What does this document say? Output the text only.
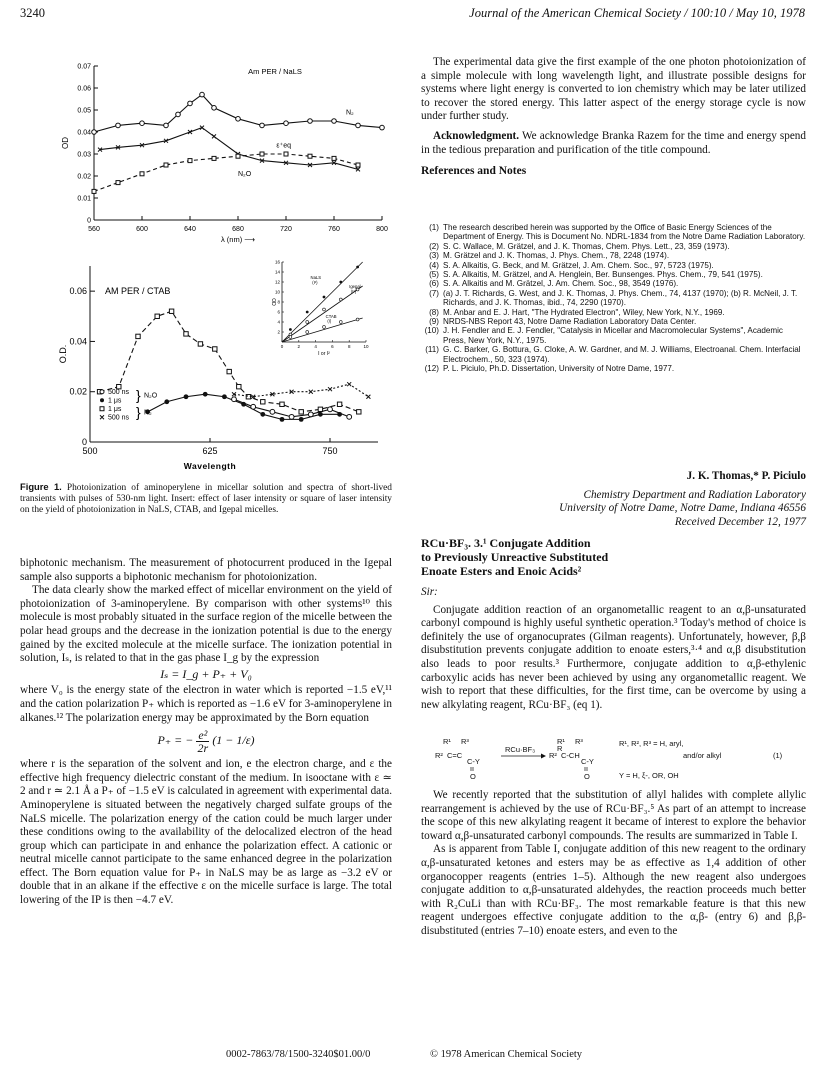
3240	Journal of the American Chemical Society / 100:10 / May 10, 1978
560	600	640	680	720	760	800
0
0.01
0.02
0.03
0.04
0.05
0.06
0.07	Am PER / NaLS
λ (nm) ⟶
OD
N₂
N₂O
ε⁺eq
500	625	750
0
0.02
0.04
0.06 AM PER / CTAB
Wavelength
O.D.
500 ns
1 μs
1 μs
500 ns
} N₂O
} N₂
0	2	4	6	8	10
2
4
6
8
10
12
14
16
I or I²
OD
NaLS
(I²)
Igepal
(I²)
CTAB
(I)
Figure 1. Photoionization of aminoperylene in micellar solution and spectra of short-lived transients with pulses of 530-nm light. Insert: effect of laser intensity or square of laser intensity on the yield of photoionization in NaLS, CTAB, and Igepal micelles.

biphotonic mechanism. The measurement of photocurrent produced in the Igepal sample also supports a biphotonic mechanism for photoionization.

The data clearly show the marked effect of micellar environment on the yield of photoionization of 3-aminoperylene. By comparison with other systems¹⁰ this molecule is most probably situated in the surface region of the micelle between the polar head groups and the decrease in the ionization potential is due to the energy gained by the excited molecule at the micelle surface. The ionization potential in solution, Iₛ, is related to that in the gas phase I_g by the expression

Iₛ = I_g + P₊ + V₀

where V₀ is the energy state of the electron in water which is reported −1.5 eV,¹¹ and the cation polarization P₊ which is reported as −1.6 eV for 3-aminoperylene in alkanes.¹² The polarization energy may be approximated by the Born equation

P₊ = − $\frac{\text{e²}}{2r} (1 - 1/\varepsilon)$

where r is the separation of the solvent and ion, e the electron charge, and ε the effective high frequency dielectric constant of the medium. In isooctane with ε ≃ 2 and r ≃ 2.1 Å a P₊ of −1.5 eV is calculated in agreement with experimental data. Aminoperylene is situated between the negatively charged sulfate groups of the NaLS micelle. The polarization energy of the cation could be much larger under these conditions owing to the availability of the delocalized electron of the head group which can participate in and enhance the polarization effect. A cationic or neutral micelle cannot participate to the same enhanced degree in the polarization effect. The Born equation value for P₊ in NaLS may be as large as −3.2 eV or double that in an alkane if the effective ε on the micelle surface is large. The total lowering of the IP is then −4.7 eV.

The experimental data give the first example of the one photon photoionization of a simple molecule with long wavelength light, and illustrate possible designs for systems where light energy is converted to ion chemistry which may be later utilized to recover the stored energy. This latter aspect of the energy storage cycle is now under further study.

Acknowledgment. We acknowledge Branka Razem for the time and energy spend in the tedious preparation and purification of the title compound.

References and Notes
(1) The research described herein was supported by the Office of Basic Energy Sciences of the Department of Energy. This is Document No. NDRL-1834 from the Notre Dame Radiation Laboratory.
(2) S. C. Wallace, M. Grätzel, and J. K. Thomas, Chem. Phys. Lett., 23, 359 (1973).
(3) M. Grätzel and J. K. Thomas, J. Phys. Chem., 78, 2248 (1974).
(4) S. A. Alkaitis, G. Beck, and M. Grätzel, J. Am. Chem. Soc., 97, 5723 (1975).
(5) S. A. Alkaitis, M. Grätzel, and A. Henglein, Ber. Bunsenges. Phys. Chem., 79, 541 (1975).
(6) S. A. Alkaitis and M. Grätzel, J. Am. Chem. Soc., 98, 3549 (1976).
(7) (a) J. T. Richards, G. West, and J. K. Thomas, J. Phys. Chem., 74, 4137 (1970); (b) R. McNeil, J. T. Richards, and J. K. Thomas, ibid., 74, 2290 (1970).
(8) M. Anbar and E. J. Hart, "The Hydrated Electron", Wiley, New York, N.Y., 1969.
(9) NRDS-NBS Report 43, Notre Dame Radiation Laboratory Data Center.
(10) J. H. Fendler and E. J. Fendler, "Catalysis in Micellar and Macromolecular Systems", Academic Press, New York, N.Y., 1975.
(11) G. C. Barker, G. Bottura, G. Cloke, A. W. Gardner, and M. J. Williams, Electroanal. Chem. Interfacial Electrochem., 50, 323 (1974).
(12) P. L. Piciulo, Ph.D. Dissertation, University of Notre Dame, 1977.
J. K. Thomas,* P. Piciulo
Chemistry Department and Radiation Laboratory
University of Notre Dame, Notre Dame, Indiana 46556
Received December 12, 1977
RCu·BF₃. 3.¹ Conjugate Addition
to Previously Unreactive Substituted
Enoate Esters and Enoic Acids²
Sir:

Conjugate addition reaction of an organometallic reagent to an α,β-unsaturated carbonyl compound is highly useful synthetic operation.³ Today's method of choice is definitely the use of organocuprates (Gilman reagents). Unfortunately, however, β,β disubstitution prevents conjugate addition to enoate esters,³·⁴ and α,β disubstitution also leads to poor results.³ Furthermore, conjugate addition to α,β-ethylenic carboxylic acids has never been achieved by using any organometallic reagent. We wish to report that these difficulties, for the first time, can be overcome by using a new alkylating reagent, RCu·BF₃ (eq 1).

R¹ R³
R² C=C
C-Y
O
RCu·BF₃
R¹ R³
R² C-CH
R
C-Y
O
R¹, R², R³ = H, aryl,
and/or alkyl
Y = H, ξ-, OR, OH
(1)

We recently reported that the substitution of allyl halides with complete allylic rearrangement is achieved by the use of RCu·BF₃.⁵ As part of an attempt to increase the scope of this new alkylating reagent it became of interest to explore the behavior toward α,β-unsaturated carbonyl compounds. The results are summarized in Table I.

As is apparent from Table I, conjugate addition of this new reagent to the ordinary α,β-unsaturated ketones and esters may be as effective as 1,4 addition of other organocopper reagents (entries 1–5). Although the new reagent also undergoes conjugate addition to α,β-unsaturated aldehydes, the reaction proceeds much better with R₂CuLi than with RCu·BF₃. The most remarkable feature is that this new reagent undergoes effective conjugate addition to the α,β- (entry 6) and β,β-disubstituted (entries 7–10) enoate esters, and even to the

0002-7863/78/1500-3240$01.00/0	© 1978 American Chemical Society
